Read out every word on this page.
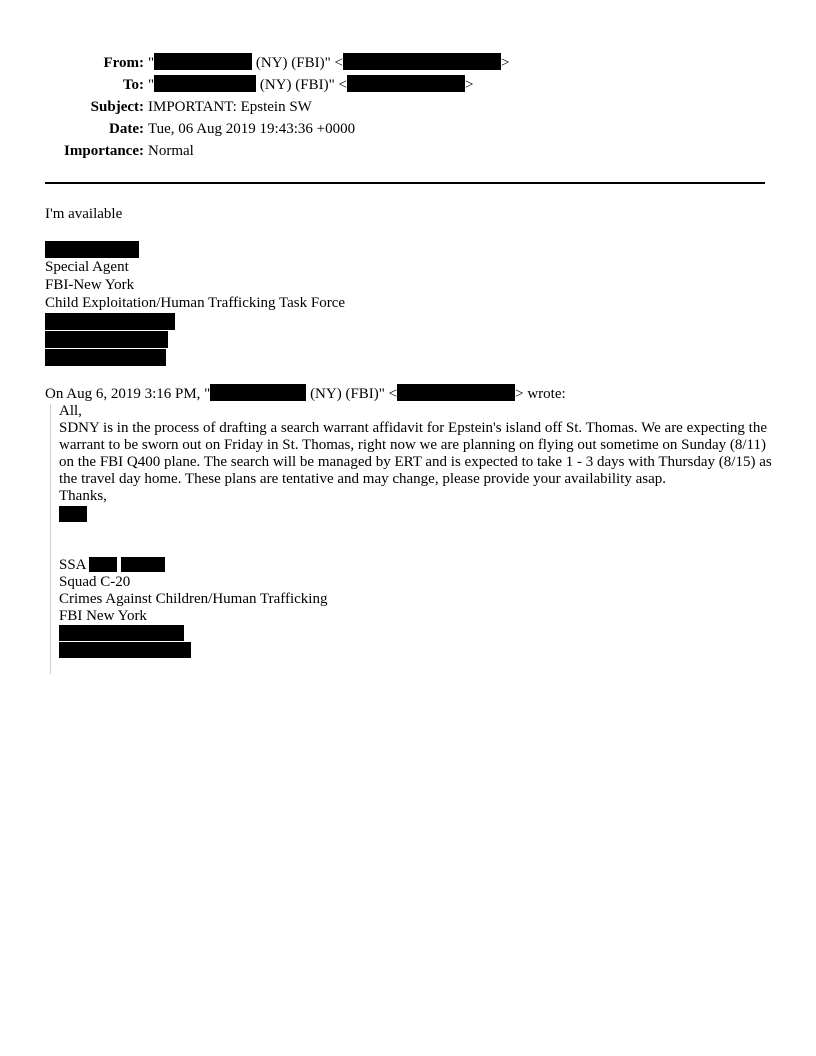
From: "	(NY) (FBI)" <	>
To: "	(NY) (FBI)" <	>
Subject: IMPORTANT: Epstein SW
Date: Tue, 06 Aug 2019 19:43:36 +0000
Importance: Normal
I'm available
Special Agent
FBI-New York
Child Exploitation/Human Trafficking Task Force
On Aug 6, 2019 3:16 PM, "	(NY) (FBI)" <	> wrote:

All,

SDNY is in the process of drafting a search warrant affidavit for Epstein's island off St. Thomas. We are expecting the warrant to be sworn out on Friday in St. Thomas, right now we are planning on flying out sometime on Sunday (8/11) on the FBI Q400 plane. The search will be managed by ERT and is expected to take 1 - 3 days with Thursday (8/15) as the travel day home. These plans are tentative and may change, please provide your availability asap.

Thanks,

SSA

Squad C-20

Crimes Against Children/Human Trafficking

FBI New York
